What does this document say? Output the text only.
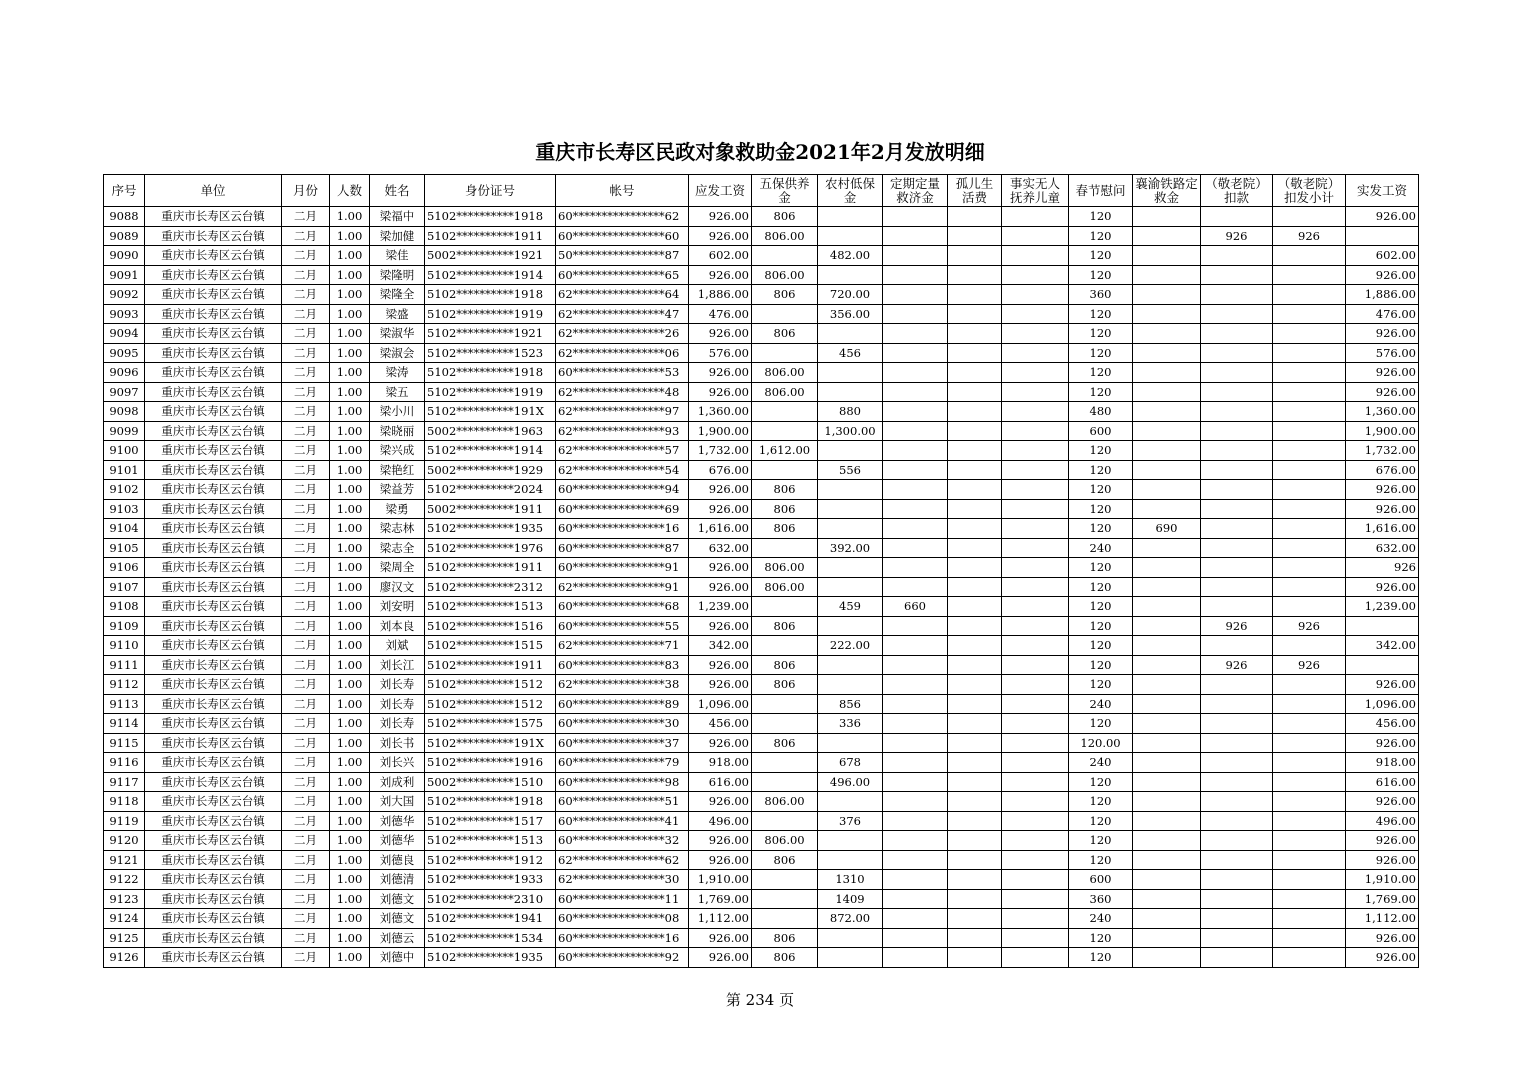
重庆市长寿区民政对象救助金2021年2月发放明细
序号	单位	月份	人数	姓名	身份证号	帐号	应发工资	五保供养金	农村低保金	定期定量救济金	孤儿生活费	事实无人抚养儿童	春节慰问	襄渝铁路定救金	（敬老院）扣款	（敬老院）扣发小计	实发工资
9088	重庆市长寿区云台镇	二月	1.00	梁福中	5102**********1918	60****************62	926.00	806					120				926.00
9089	重庆市长寿区云台镇	二月	1.00	梁加健	5102**********1911	60****************60	926.00	806.00					120		926	926	
9090	重庆市长寿区云台镇	二月	1.00	梁佳	5002**********1921	50****************87	602.00		482.00				120				602.00
9091	重庆市长寿区云台镇	二月	1.00	梁隆明	5102**********1914	60****************65	926.00	806.00					120				926.00
9092	重庆市长寿区云台镇	二月	1.00	梁隆全	5102**********1918	62****************64	1,886.00	806	720.00				360				1,886.00
9093	重庆市长寿区云台镇	二月	1.00	梁盛	5102**********1919	62****************47	476.00		356.00				120				476.00
9094	重庆市长寿区云台镇	二月	1.00	梁淑华	5102**********1921	62****************26	926.00	806					120				926.00
9095	重庆市长寿区云台镇	二月	1.00	梁淑会	5102**********1523	62****************06	576.00		456				120				576.00
9096	重庆市长寿区云台镇	二月	1.00	梁涛	5102**********1918	60****************53	926.00	806.00					120				926.00
9097	重庆市长寿区云台镇	二月	1.00	梁五	5102**********1919	62****************48	926.00	806.00					120				926.00
9098	重庆市长寿区云台镇	二月	1.00	梁小川	5102**********191X	62****************97	1,360.00		880				480				1,360.00
9099	重庆市长寿区云台镇	二月	1.00	梁晓丽	5002**********1963	62****************93	1,900.00		1,300.00				600				1,900.00
9100	重庆市长寿区云台镇	二月	1.00	梁兴成	5102**********1914	62****************57	1,732.00	1,612.00					120				1,732.00
9101	重庆市长寿区云台镇	二月	1.00	梁艳红	5002**********1929	62****************54	676.00		556				120				676.00
9102	重庆市长寿区云台镇	二月	1.00	梁益芳	5102**********2024	60****************94	926.00	806					120				926.00
9103	重庆市长寿区云台镇	二月	1.00	梁勇	5002**********1911	60****************69	926.00	806					120				926.00
9104	重庆市长寿区云台镇	二月	1.00	梁志林	5102**********1935	60****************16	1,616.00	806					120	690			1,616.00
9105	重庆市长寿区云台镇	二月	1.00	梁志全	5102**********1976	60****************87	632.00		392.00				240				632.00
9106	重庆市长寿区云台镇	二月	1.00	梁周全	5102**********1911	60****************91	926.00	806.00					120				926
9107	重庆市长寿区云台镇	二月	1.00	廖汉文	5102**********2312	62****************91	926.00	806.00					120				926.00
9108	重庆市长寿区云台镇	二月	1.00	刘安明	5102**********1513	60****************68	1,239.00		459	660			120				1,239.00
9109	重庆市长寿区云台镇	二月	1.00	刘本良	5102**********1516	60****************55	926.00	806					120		926	926	
9110	重庆市长寿区云台镇	二月	1.00	刘斌	5102**********1515	62****************71	342.00		222.00				120				342.00
9111	重庆市长寿区云台镇	二月	1.00	刘长江	5102**********1911	60****************83	926.00	806					120		926	926	
9112	重庆市长寿区云台镇	二月	1.00	刘长寿	5102**********1512	62****************38	926.00	806					120				926.00
9113	重庆市长寿区云台镇	二月	1.00	刘长寿	5102**********1512	60****************89	1,096.00		856				240				1,096.00
9114	重庆市长寿区云台镇	二月	1.00	刘长寿	5102**********1575	60****************30	456.00		336				120				456.00
9115	重庆市长寿区云台镇	二月	1.00	刘长书	5102**********191X	60****************37	926.00	806					120.00				926.00
9116	重庆市长寿区云台镇	二月	1.00	刘长兴	5102**********1916	60****************79	918.00		678				240				918.00
9117	重庆市长寿区云台镇	二月	1.00	刘成利	5002**********1510	60****************98	616.00		496.00				120				616.00
9118	重庆市长寿区云台镇	二月	1.00	刘大国	5102**********1918	60****************51	926.00	806.00					120				926.00
9119	重庆市长寿区云台镇	二月	1.00	刘德华	5102**********1517	60****************41	496.00		376				120				496.00
9120	重庆市长寿区云台镇	二月	1.00	刘德华	5102**********1513	60****************32	926.00	806.00					120				926.00
9121	重庆市长寿区云台镇	二月	1.00	刘德良	5102**********1912	62****************62	926.00	806					120				926.00
9122	重庆市长寿区云台镇	二月	1.00	刘德清	5102**********1933	62****************30	1,910.00		1310				600				1,910.00
9123	重庆市长寿区云台镇	二月	1.00	刘德文	5102**********2310	60****************11	1,769.00		1409				360				1,769.00
9124	重庆市长寿区云台镇	二月	1.00	刘德文	5102**********1941	60****************08	1,112.00		872.00				240				1,112.00
9125	重庆市长寿区云台镇	二月	1.00	刘德云	5102**********1534	60****************16	926.00	806					120				926.00
9126	重庆市长寿区云台镇	二月	1.00	刘德中	5102**********1935	60****************92	926.00	806					120				926.00
第 234 页
